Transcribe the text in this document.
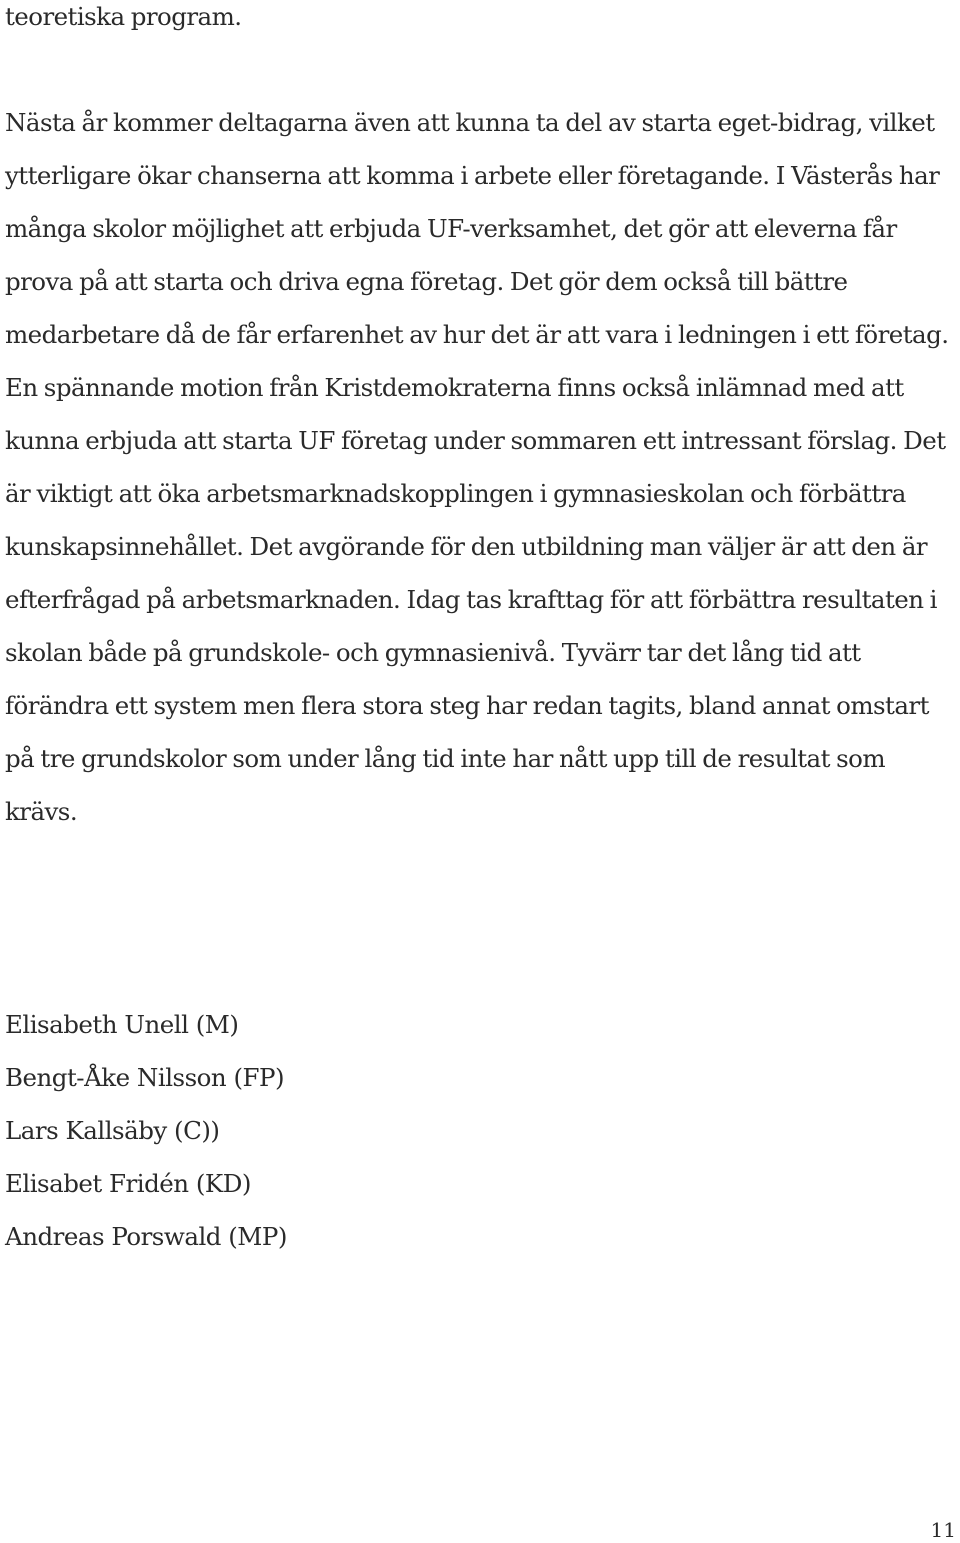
teoretiska program.

Nästa år kommer deltagarna även att kunna ta del av starta eget-bidrag, vilket ytterligare ökar chanserna att komma i arbete eller företagande. I Västerås har många skolor möjlighet att erbjuda UF-verksamhet, det gör att eleverna får prova på att starta och driva egna företag. Det gör dem också till bättre medarbetare då de får erfarenhet av hur det är att vara i ledningen i ett företag. En spännande motion från Kristdemokraterna finns också inlämnad med att kunna erbjuda att starta UF företag under sommaren ett intressant förslag. Det är viktigt att öka arbetsmarknadskopplingen i gymnasieskolan och förbättra kunskapsinnehållet. Det avgörande för den utbildning man väljer är att den är efterfrågad på arbetsmarknaden. Idag tas krafttag för att förbättra resultaten i skolan både på grundskole- och gymnasienivå. Tyvärr tar det lång tid att förändra ett system men flera stora steg har redan tagits, bland annat omstart på tre grundskolor som under lång tid inte har nått upp till de resultat som krävs.

Elisabeth Unell (M)

Bengt-Åke Nilsson (FP)

Lars Kallsäby (C))

Elisabet Fridén (KD)

Andreas Porswald (MP)

11
